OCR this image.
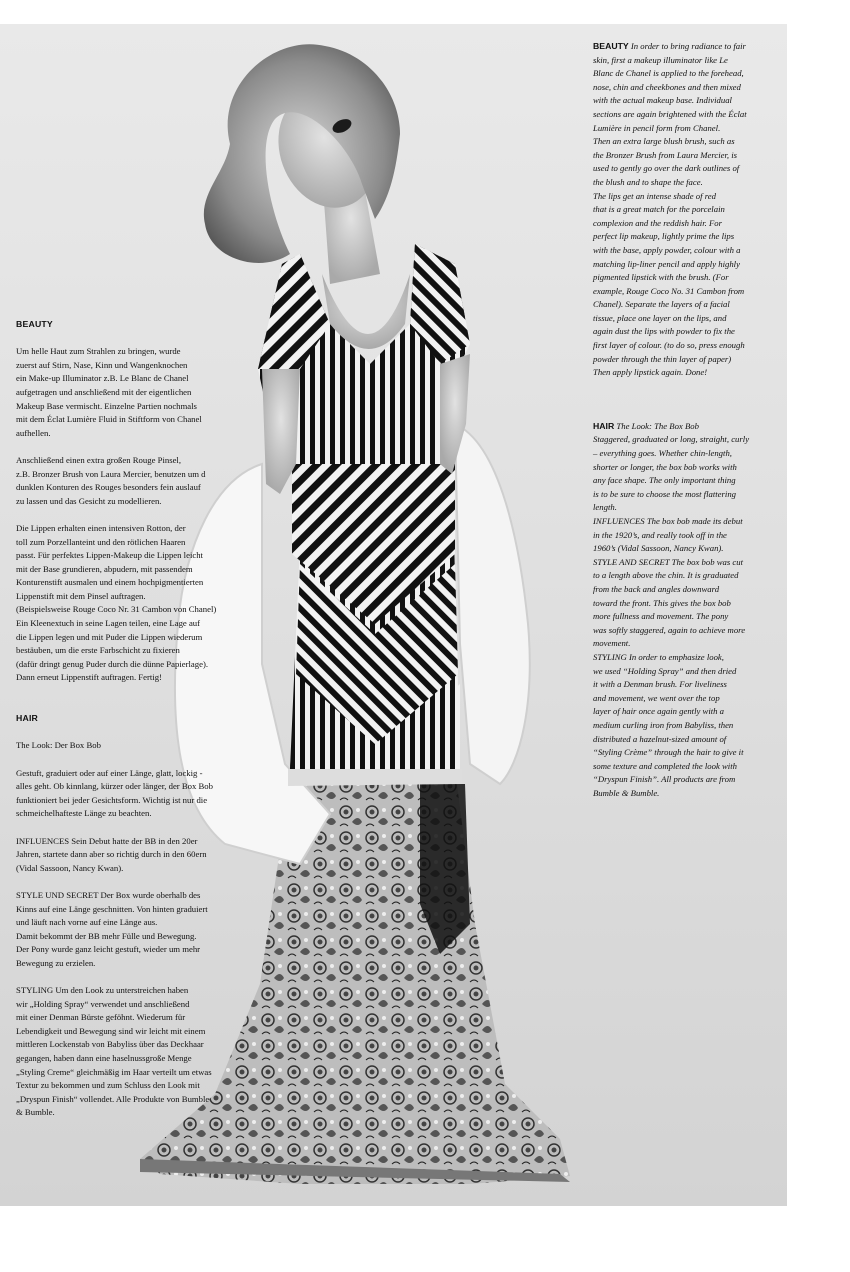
BEAUTY

Um helle Haut zum Strahlen zu bringen, wurde
zuerst auf Stirn, Nase, Kinn und Wangenknochen
ein Make-up Illuminator z.B. Le Blanc de Chanel
aufgetragen und anschließend mit der eigentlichen
Makeup Base vermischt. Einzelne Partien nochmals
mit dem Éclat Lumière Fluid in Stiftform von Chanel
aufhellen.

Anschließend einen extra großen Rouge Pinsel,
z.B. Bronzer Brush von Laura Mercier, benutzen um d
dunklen Konturen des Rouges besonders fein auslauf
zu lassen und das Gesicht zu modellieren.

Die Lippen erhalten einen intensiven Rotton, der
toll zum Porzellanteint und den rötlichen Haaren
passt. Für perfektes Lippen-Makeup die Lippen leicht
mit der Base grundieren, abpudern, mit passendem
Konturenstift ausmalen und einem hochpigmentierten
Lippenstift mit dem Pinsel auftragen.
(Beispielsweise Rouge Coco Nr. 31 Cambon von Chanel)
Ein Kleenextuch in seine Lagen teilen, eine Lage auf
die Lippen legen und mit Puder die Lippen wiederum
bestäuben, um die erste Farbschicht zu fixieren
(dafür dringt genug Puder durch die dünne Papierlage).
Dann erneut Lippenstift auftragen. Fertig!

HAIR

The Look: Der Box Bob

Gestuft, graduiert oder auf einer Länge, glatt, lockig -
alles geht. Ob kinnlang, kürzer oder länger, der Box Bob
funktioniert bei jeder Gesichtsform. Wichtig ist nur die
schmeichelhafteste Länge zu beachten.

INFLUENCES Sein Debut hatte der BB in den 20er
Jahren, startete dann aber so richtig durch in den 60ern
(Vidal Sassoon, Nancy Kwan).

STYLE UND SECRET Der Box wurde oberhalb des
Kinns auf eine Länge geschnitten. Von hinten graduiert
und läuft nach vorne auf eine Länge aus.
Damit bekommt der BB mehr Fülle und Bewegung.
Der Pony wurde ganz leicht gestuft, wieder um mehr
Bewegung zu erzielen.

STYLING Um den Look zu unterstreichen haben
wir „Holding Spray“ verwendet und anschließend
mit einer Denman Bürste geföhnt. Wiederum für
Lebendigkeit und Bewegung sind wir leicht mit einem
mittleren Lockenstab von Babyliss über das Deckhaar
gegangen, haben dann eine haselnussgroße Menge
„Styling Creme“ gleichmäßig im Haar verteilt um etwas
Textur zu bekommen und zum Schluss den Look mit
„Dryspun Finish“ vollendet. Alle Produkte von Bumble
& Bumble.

BEAUTY In order to bring radiance to fair
skin, first a makeup illuminator like Le
Blanc de Chanel is applied to the forehead,
nose, chin and cheekbones and then mixed
with the actual makeup base. Individual
sections are again brightened with the Éclat
Lumière in pencil form from Chanel.
Then an extra large blush brush, such as
the Bronzer Brush from Laura Mercier, is
used to gently go over the dark outlines of
the blush and to shape the face.
The lips get an intense shade of red
that is a great match for the porcelain
complexion and the reddish hair. For
perfect lip makeup, lightly prime the lips
with the base, apply powder, colour with a
matching lip-liner pencil and apply highly
pigmented lipstick with the brush. (For
example, Rouge Coco No. 31 Cambon from
Chanel). Separate the layers of a facial
tissue, place one layer on the lips, and
again dust the lips with powder to fix the
first layer of colour. (to do so, press enough
powder through the thin layer of paper)
Then apply lipstick again. Done!

HAIR The Look: The Box Bob
Staggered, graduated or long, straight, curly
– everything goes. Whether chin-length,
shorter or longer, the box bob works with
any face shape. The only important thing
is to be sure to choose the most flattering
length.
INFLUENCES The box bob made its debut
in the 1920’s, and really took off in the
1960’s (Vidal Sassoon, Nancy Kwan).
STYLE AND SECRET The box bob was cut
to a length above the chin. It is graduated
from the back and angles downward
toward the front. This gives the box bob
more fullness and movement. The pony
was softly staggered, again to achieve more
movement.
STYLING In order to emphasize look,
we used “Holding Spray” and then dried
it with a Denman brush. For liveliness
and movement, we went over the top
layer of hair once again gently with a
medium curling iron from Babyliss, then
distributed a hazelnut-sized amount of
“Styling Crème” through the hair to give it
some texture and completed the look with
“Dryspun Finish”. All products are from
Bumble & Bumble.
